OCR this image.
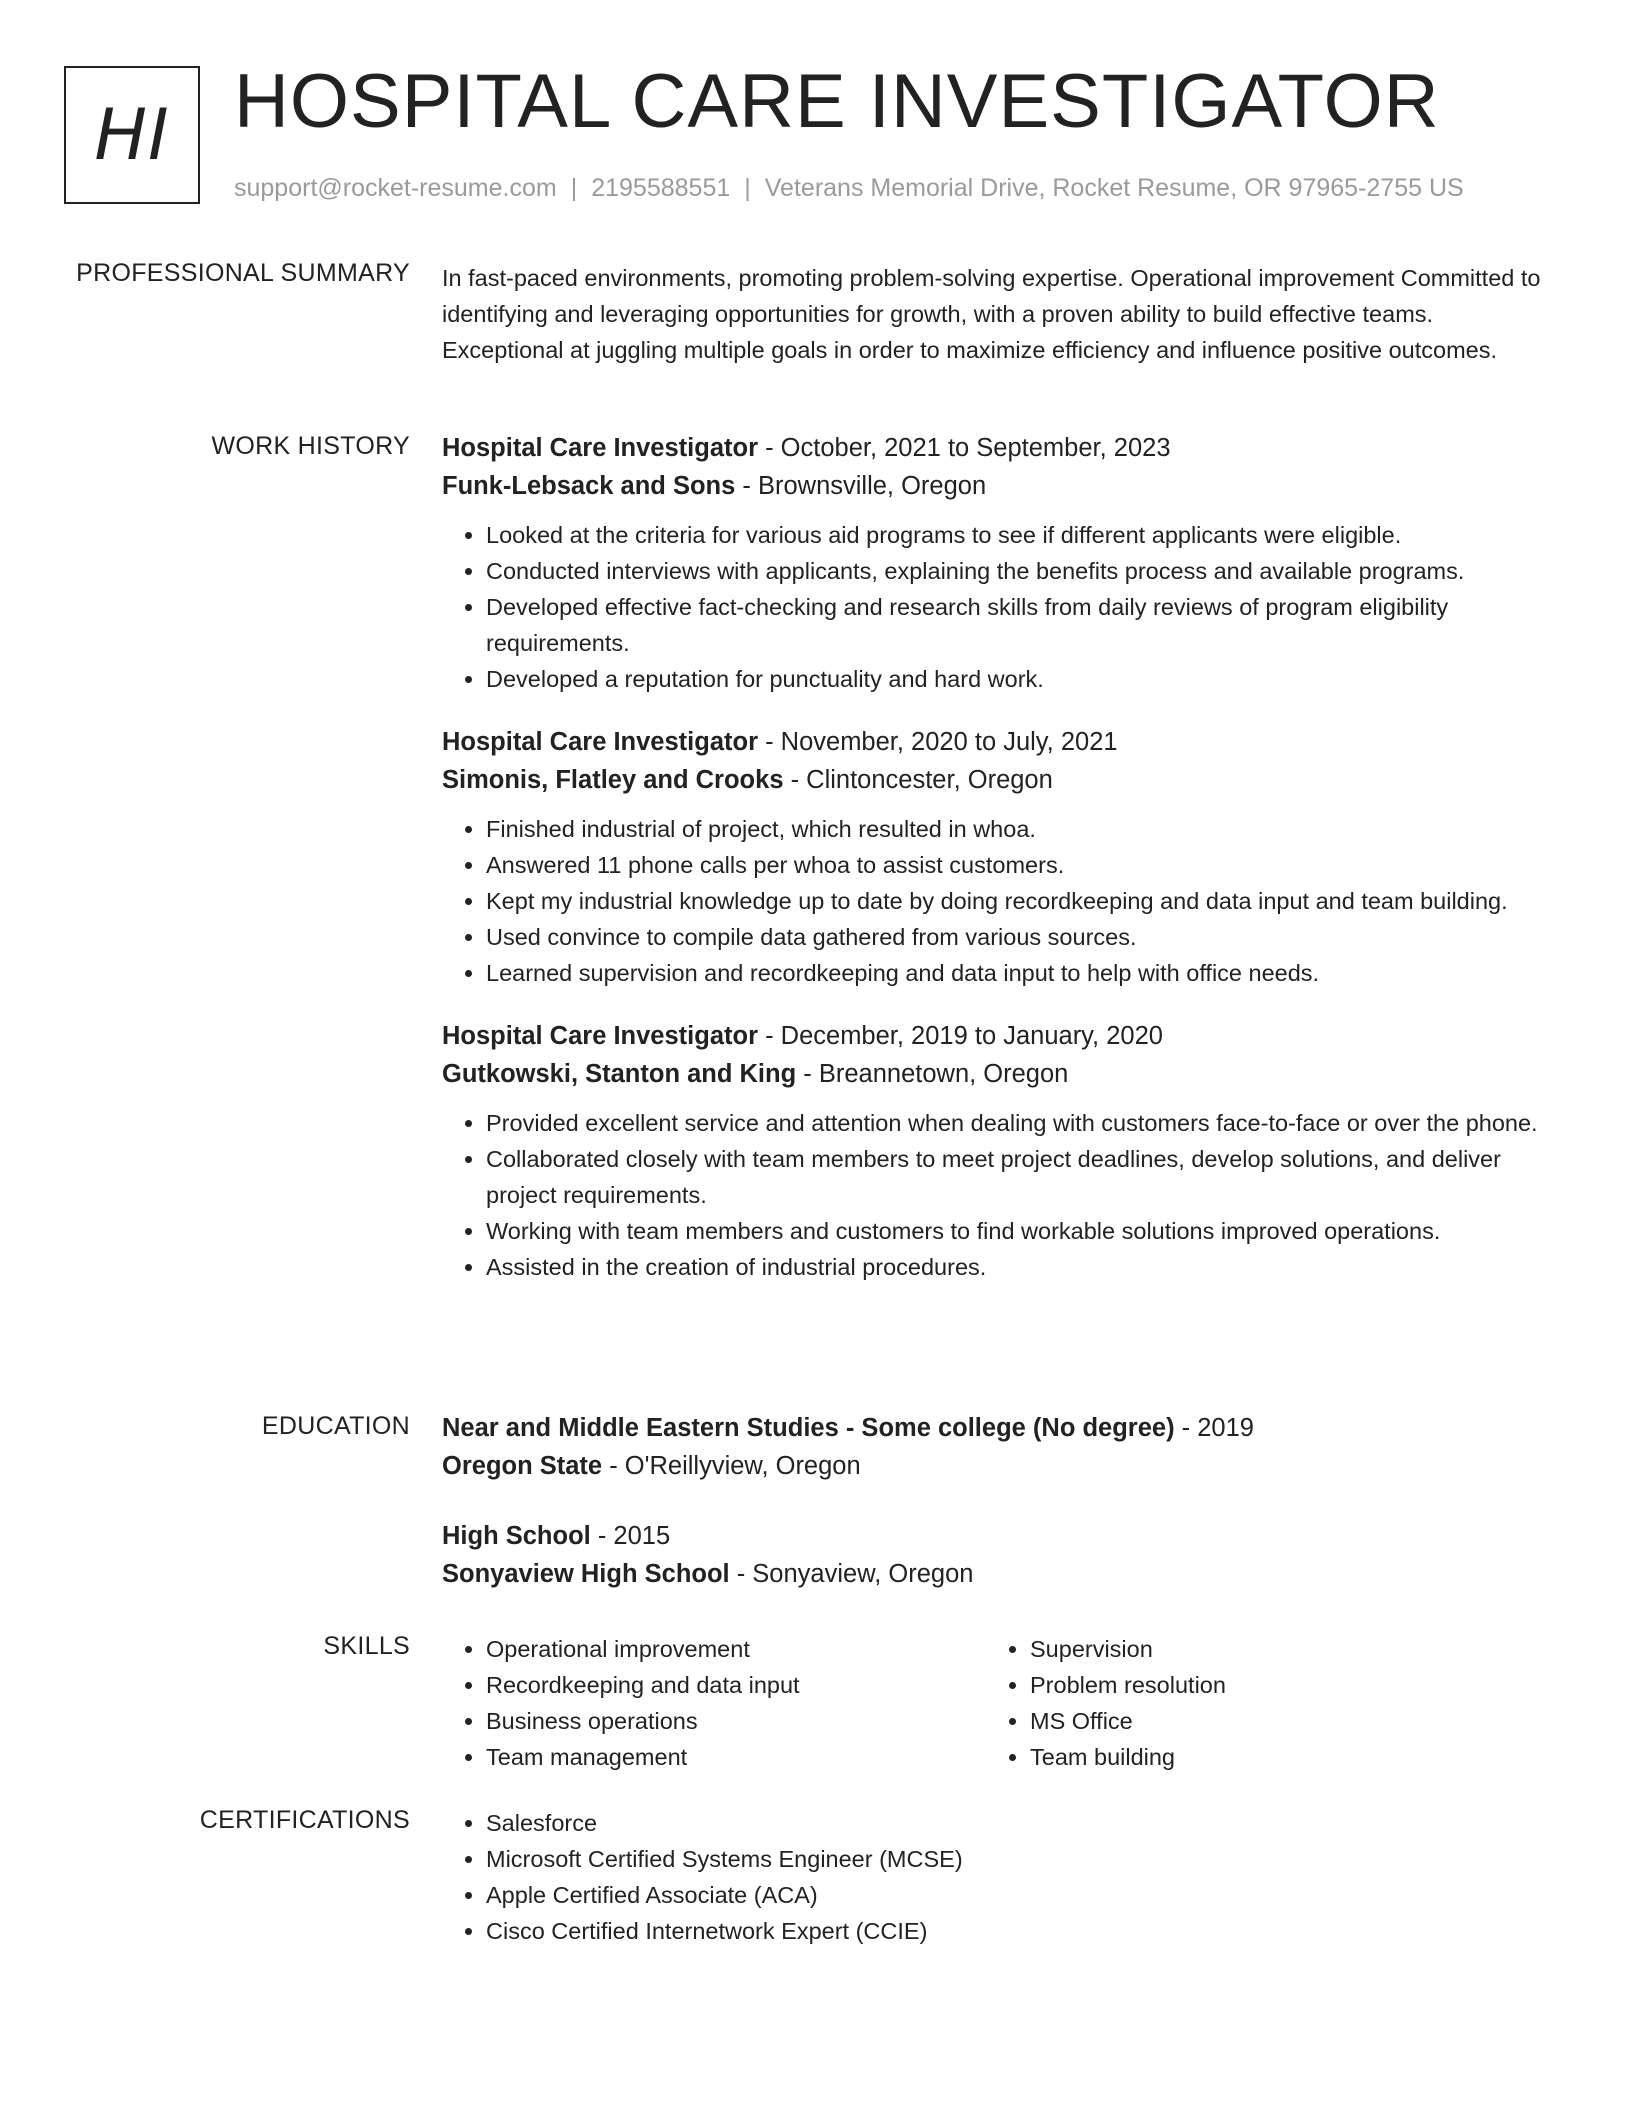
HI HOSPITAL CARE INVESTIGATOR
support@rocket-resume.com | 2195588551 | Veterans Memorial Drive, Rocket Resume, OR 97965-2755 US
PROFESSIONAL SUMMARY In fast-paced environments, promoting problem-solving expertise. Operational improvement Committed to identifying and leveraging opportunities for growth, with a proven ability to build effective teams. Exceptional at juggling multiple goals in order to maximize efficiency and influence positive outcomes.

WORK HISTORY Hospital Care Investigator - October, 2021 to September, 2023
Funk-Lebsack and Sons - Brownsville, Oregon
• Looked at the criteria for various aid programs to see if different applicants were eligible.
• Conducted interviews with applicants, explaining the benefits process and available programs.
• Developed effective fact-checking and research skills from daily reviews of program eligibility requirements.
• Developed a reputation for punctuality and hard work.
Hospital Care Investigator - November, 2020 to July, 2021
Simonis, Flatley and Crooks - Clintoncester, Oregon
• Finished industrial of project, which resulted in whoa.
• Answered 11 phone calls per whoa to assist customers.
• Kept my industrial knowledge up to date by doing recordkeeping and data input and team building.
• Used convince to compile data gathered from various sources.
• Learned supervision and recordkeeping and data input to help with office needs.
Hospital Care Investigator - December, 2019 to January, 2020
Gutkowski, Stanton and King - Breannetown, Oregon
• Provided excellent service and attention when dealing with customers face-to-face or over the phone.
• Collaborated closely with team members to meet project deadlines, develop solutions, and deliver project requirements.
• Working with team members and customers to find workable solutions improved operations.
• Assisted in the creation of industrial procedures.
EDUCATION Near and Middle Eastern Studies - Some college (No degree) - 2019
Oregon State - O'Reillyview, Oregon
High School - 2015
Sonyaview High School - Sonyaview, Oregon
SKILLS	• Operational improvement
• Recordkeeping and data input
• Business operations
• Team management
• Supervision
• Problem resolution
• MS Office
• Team building
CERTIFICATIONS	• Salesforce
• Microsoft Certified Systems Engineer (MCSE)
• Apple Certified Associate (ACA)
• Cisco Certified Internetwork Expert (CCIE)
